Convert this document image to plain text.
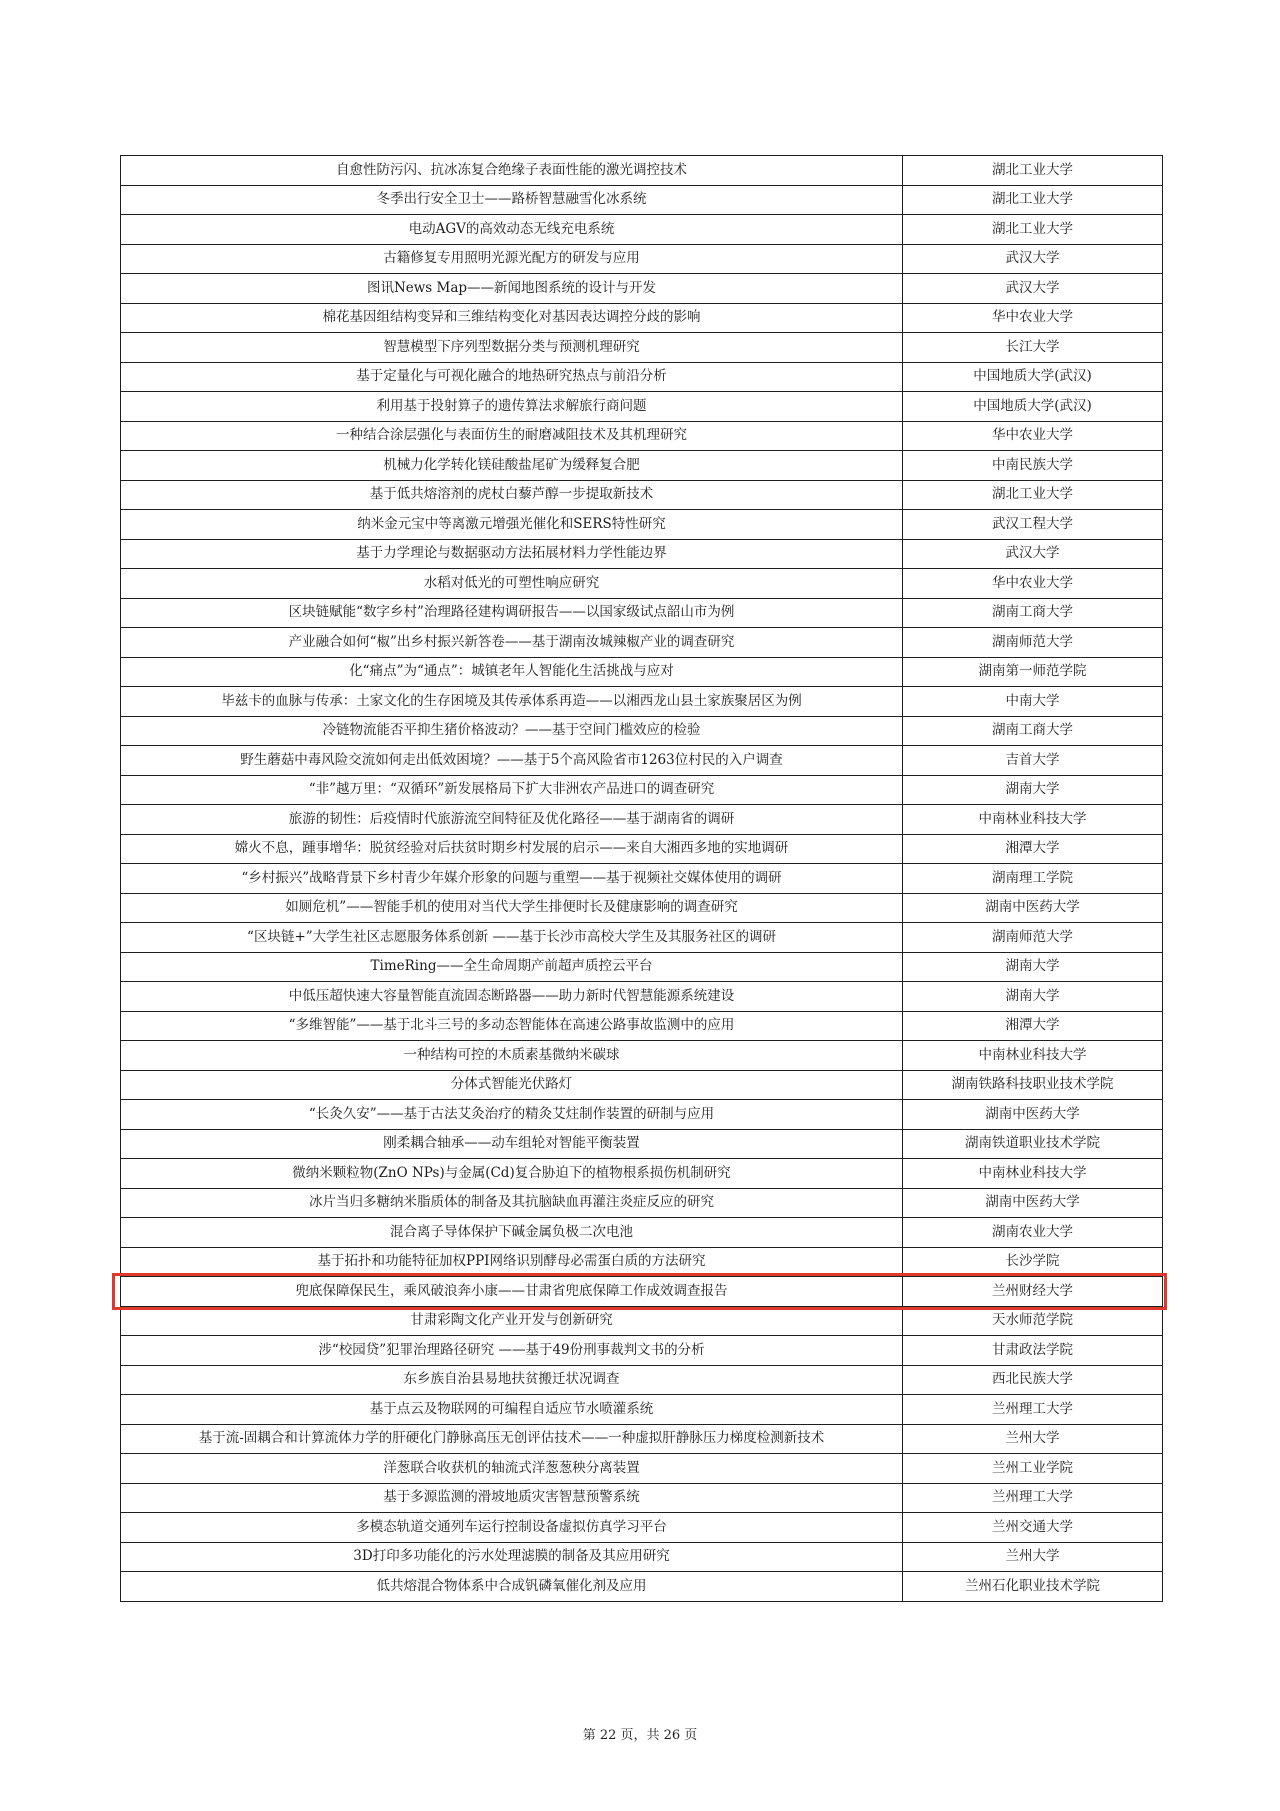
自愈性防污闪、抗冰冻复合绝缘子表面性能的激光调控技术	湖北工业大学
冬季出行安全卫士——路桥智慧融雪化冰系统	湖北工业大学
电动AGV的高效动态无线充电系统	湖北工业大学
古籍修复专用照明光源光配方的研发与应用	武汉大学
图讯News Map——新闻地图系统的设计与开发	武汉大学
棉花基因组结构变异和三维结构变化对基因表达调控分歧的影响	华中农业大学
智慧模型下序列型数据分类与预测机理研究	长江大学
基于定量化与可视化融合的地热研究热点与前沿分析	中国地质大学(武汉)
利用基于投射算子的遗传算法求解旅行商问题	中国地质大学(武汉)
一种结合涂层强化与表面仿生的耐磨减阻技术及其机理研究	华中农业大学
机械力化学转化镁硅酸盐尾矿为缓释复合肥	中南民族大学
基于低共熔溶剂的虎杖白藜芦醇一步提取新技术	湖北工业大学
纳米金元宝中等离激元增强光催化和SERS特性研究	武汉工程大学
基于力学理论与数据驱动方法拓展材料力学性能边界	武汉大学
水稻对低光的可塑性响应研究	华中农业大学
区块链赋能“数字乡村”治理路径建构调研报告——以国家级试点韶山市为例	湖南工商大学
产业融合如何“椒”出乡村振兴新答卷——基于湖南汝城辣椒产业的调查研究	湖南师范大学
化“痛点”为“通点”：城镇老年人智能化生活挑战与应对	湖南第一师范学院
毕兹卡的血脉与传承：土家文化的生存困境及其传承体系再造——以湘西龙山县土家族聚居区为例	中南大学
冷链物流能否平抑生猪价格波动？——基于空间门槛效应的检验	湖南工商大学
野生蘑菇中毒风险交流如何走出低效困境？——基于5个高风险省市1263位村民的入户调查	吉首大学
“非”越万里：“双循环”新发展格局下扩大非洲农产品进口的调查研究	湖南大学
旅游的韧性：后疫情时代旅游流空间特征及优化路径——基于湖南省的调研	中南林业科技大学
嫦火不息，踵事增华：脱贫经验对后扶贫时期乡村发展的启示——来自大湘西多地的实地调研	湘潭大学
“乡村振兴”战略背景下乡村青少年媒介形象的问题与重塑——基于视频社交媒体使用的调研	湖南理工学院
如厕危机”——智能手机的使用对当代大学生排便时长及健康影响的调查研究	湖南中医药大学
“区块链+”大学生社区志愿服务体系创新 ——基于长沙市高校大学生及其服务社区的调研	湖南师范大学
TimeRing——全生命周期产前超声质控云平台	湖南大学
中低压超快速大容量智能直流固态断路器——助力新时代智慧能源系统建设	湖南大学
“多维智能”——基于北斗三号的多动态智能体在高速公路事故监测中的应用	湘潭大学
一种结构可控的木质素基微纳米碳球	中南林业科技大学
分体式智能光伏路灯	湖南铁路科技职业技术学院
“长灸久安”——基于古法艾灸治疗的精灸艾炷制作装置的研制与应用	湖南中医药大学
刚柔耦合轴承——动车组轮对智能平衡装置	湖南铁道职业技术学院
微纳米颗粒物(ZnO NPs)与金属(Cd)复合胁迫下的植物根系损伤机制研究	中南林业科技大学
冰片当归多糖纳米脂质体的制备及其抗脑缺血再灌注炎症反应的研究	湖南中医药大学
混合离子导体保护下碱金属负极二次电池	湖南农业大学
基于拓扑和功能特征加权PPI网络识别酵母必需蛋白质的方法研究	长沙学院
兜底保障保民生，乘风破浪奔小康——甘肃省兜底保障工作成效调查报告	兰州财经大学
甘肃彩陶文化产业开发与创新研究	天水师范学院
涉“校园贷”犯罪治理路径研究 ——基于49份刑事裁判文书的分析	甘肃政法学院
东乡族自治县易地扶贫搬迁状况调查	西北民族大学
基于点云及物联网的可编程自适应节水喷灌系统	兰州理工大学
基于流-固耦合和计算流体力学的肝硬化门静脉高压无创评估技术——一种虚拟肝静脉压力梯度检测新技术	兰州大学
洋葱联合收获机的轴流式洋葱葱秧分离装置	兰州工业学院
基于多源监测的滑坡地质灾害智慧预警系统	兰州理工大学
多模态轨道交通列车运行控制设备虚拟仿真学习平台	兰州交通大学
3D打印多功能化的污水处理滤膜的制备及其应用研究	兰州大学
低共熔混合物体系中合成钒磷氧催化剂及应用	兰州石化职业技术学院
第 22 页，共 26 页
